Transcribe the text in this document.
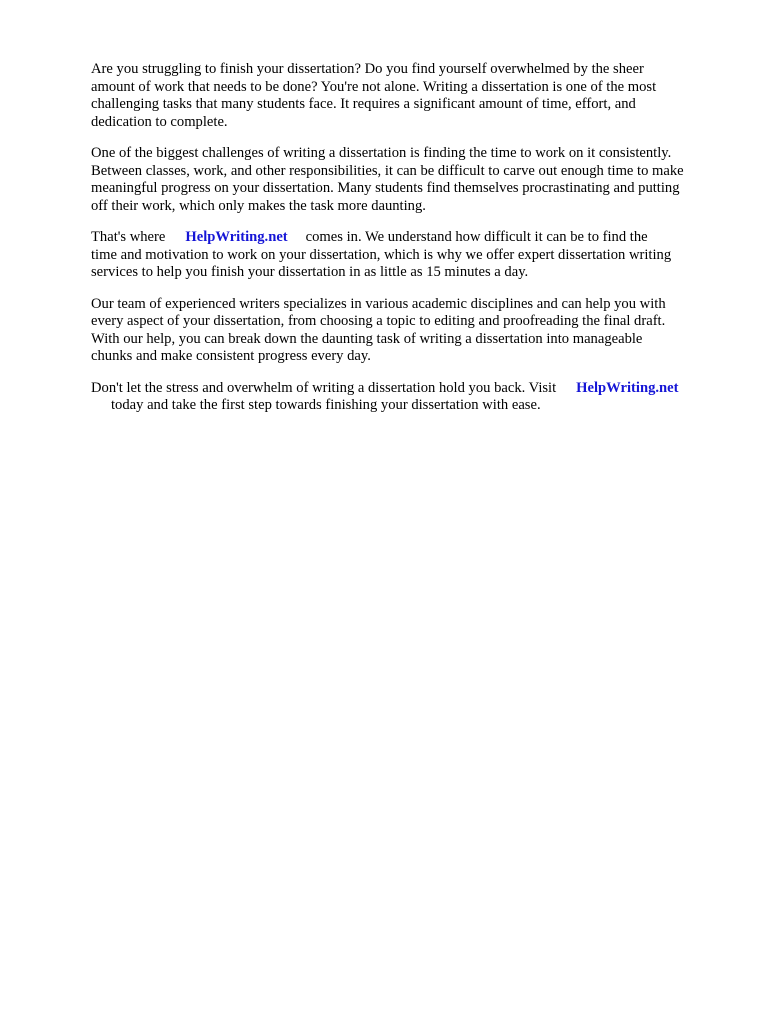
Are you struggling to finish your dissertation? Do you find yourself overwhelmed by the sheer
amount of work that needs to be done? You're not alone. Writing a dissertation is one of the most
challenging tasks that many students face. It requires a significant amount of time, effort, and
dedication to complete.

One of the biggest challenges of writing a dissertation is finding the time to work on it consistently.
Between classes, work, and other responsibilities, it can be difficult to carve out enough time to make
meaningful progress on your dissertation. Many students find themselves procrastinating and putting
off their work, which only makes the task more daunting.

That's where HelpWriting.net comes in. We understand how difficult it can be to find the
time and motivation to work on your dissertation, which is why we offer expert dissertation writing
services to help you finish your dissertation in as little as 15 minutes a day.

Our team of experienced writers specializes in various academic disciplines and can help you with
every aspect of your dissertation, from choosing a topic to editing and proofreading the final draft.
With our help, you can break down the daunting task of writing a dissertation into manageable
chunks and make consistent progress every day.

Don't let the stress and overwhelm of writing a dissertation hold you back. Visit HelpWriting.net
today and take the first step towards finishing your dissertation with ease.
